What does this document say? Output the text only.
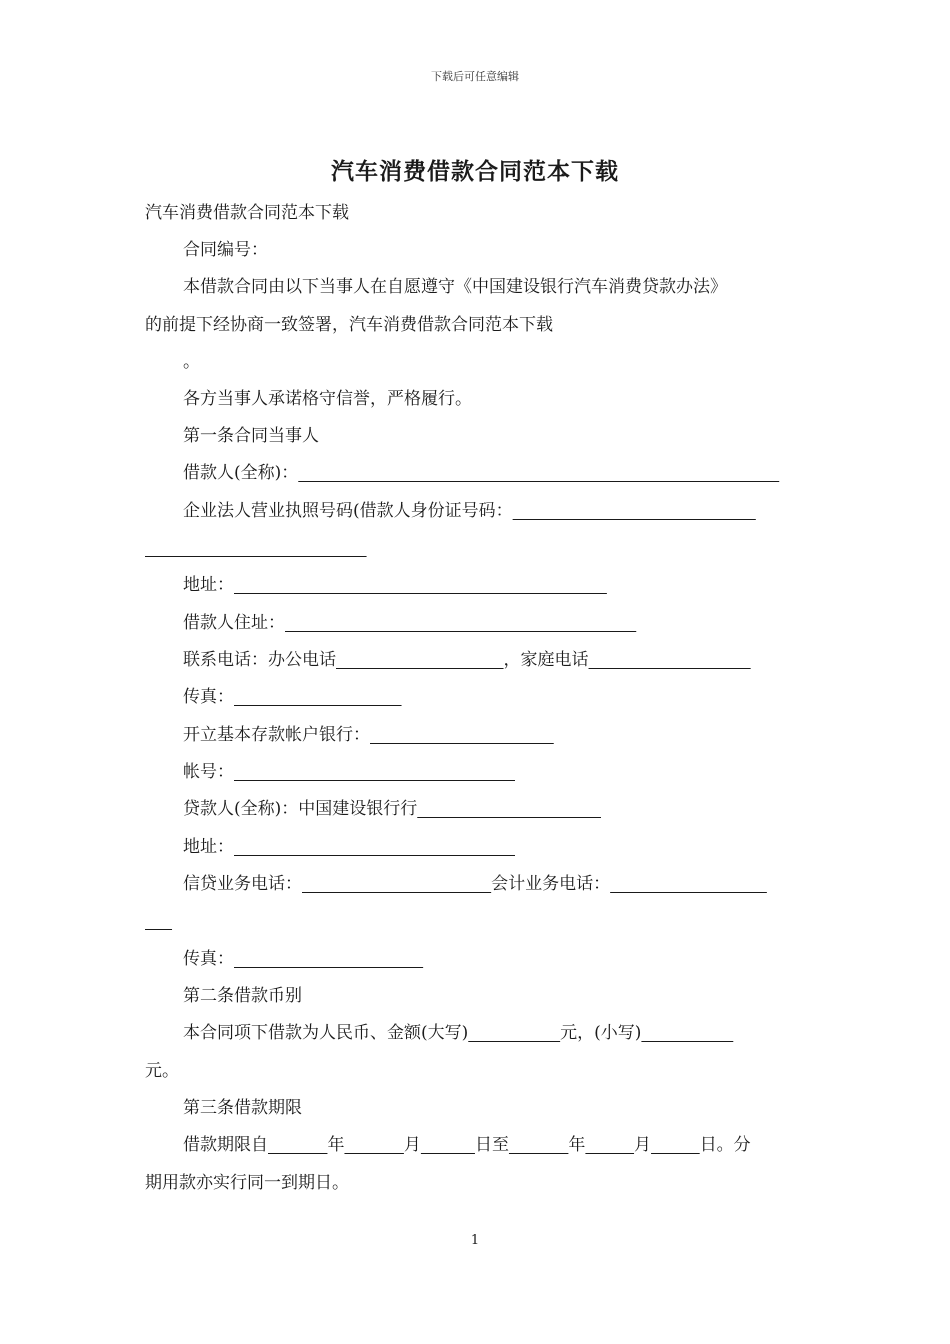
下载后可任意编辑
汽车消费借款合同范本下载
汽车消费借款合同范本下载
合同编号：
本借款合同由以下当事人在自愿遵守《中国建设银行汽车消费贷款办法》
的前提下经协商一致签署，汽车消费借款合同范本下载
。
各方当事人承诺格守信誉，严格履行。
第一条合同当事人
借款人(全称)：
企业法人营业执照号码(借款人身份证号码：

地址：
借款人住址：
联系电话：办公电话	，家庭电话
传真：
开立基本存款帐户银行：
帐号：
贷款人(全称)：中国建设银行行
地址：
信贷业务电话：	会计业务电话：

传真：
第二条借款币别
本合同项下借款为人民币、金额(大写)	元，(小写)
元。
第三条借款期限
借款期限自	年	月	日至	年	月	日。分
期用款亦实行同一到期日。
1
